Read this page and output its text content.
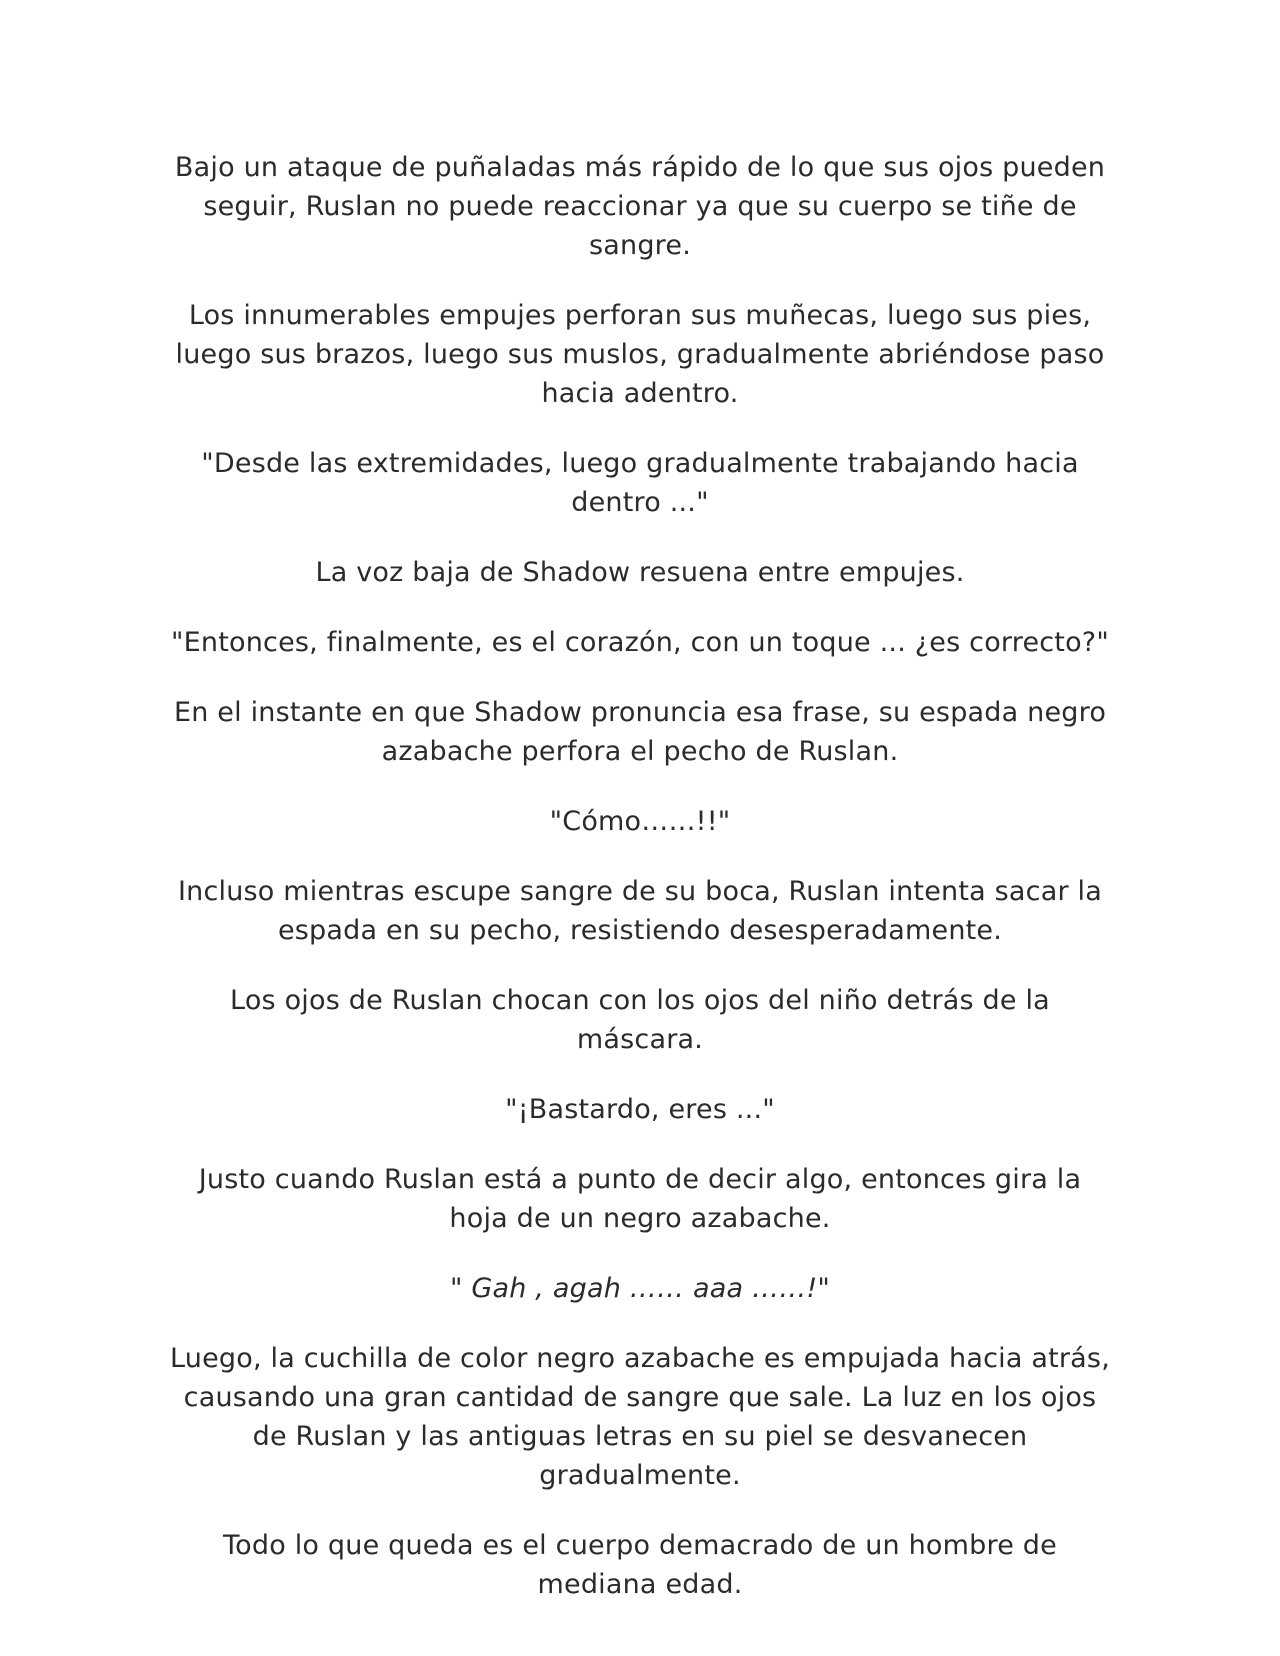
Bajo un ataque de puñaladas más rápido de lo que sus ojos pueden seguir, Ruslan no puede reaccionar ya que su cuerpo se tiñe de sangre.

Los innumerables empujes perforan sus muñecas, luego sus pies, luego sus brazos, luego sus muslos, gradualmente abriéndose paso hacia adentro.

"Desde las extremidades, luego gradualmente trabajando hacia dentro ..."

La voz baja de Shadow resuena entre empujes.

"Entonces, finalmente, es el corazón, con un toque ... ¿es correcto?"

En el instante en que Shadow pronuncia esa frase, su espada negro azabache perfora el pecho de Ruslan.

"Cómo……!!"

Incluso mientras escupe sangre de su boca, Ruslan intenta sacar la espada en su pecho, resistiendo desesperadamente.

Los ojos de Ruslan chocan con los ojos del niño detrás de la máscara.

"¡Bastardo, eres ..."

Justo cuando Ruslan está a punto de decir algo, entonces gira la hoja de un negro azabache.

" Gah , agah …… aaa ……!"

Luego, la cuchilla de color negro azabache es empujada hacia atrás, causando una gran cantidad de sangre que sale. La luz en los ojos de Ruslan y las antiguas letras en su piel se desvanecen gradualmente.

Todo lo que queda es el cuerpo demacrado de un hombre de mediana edad.
